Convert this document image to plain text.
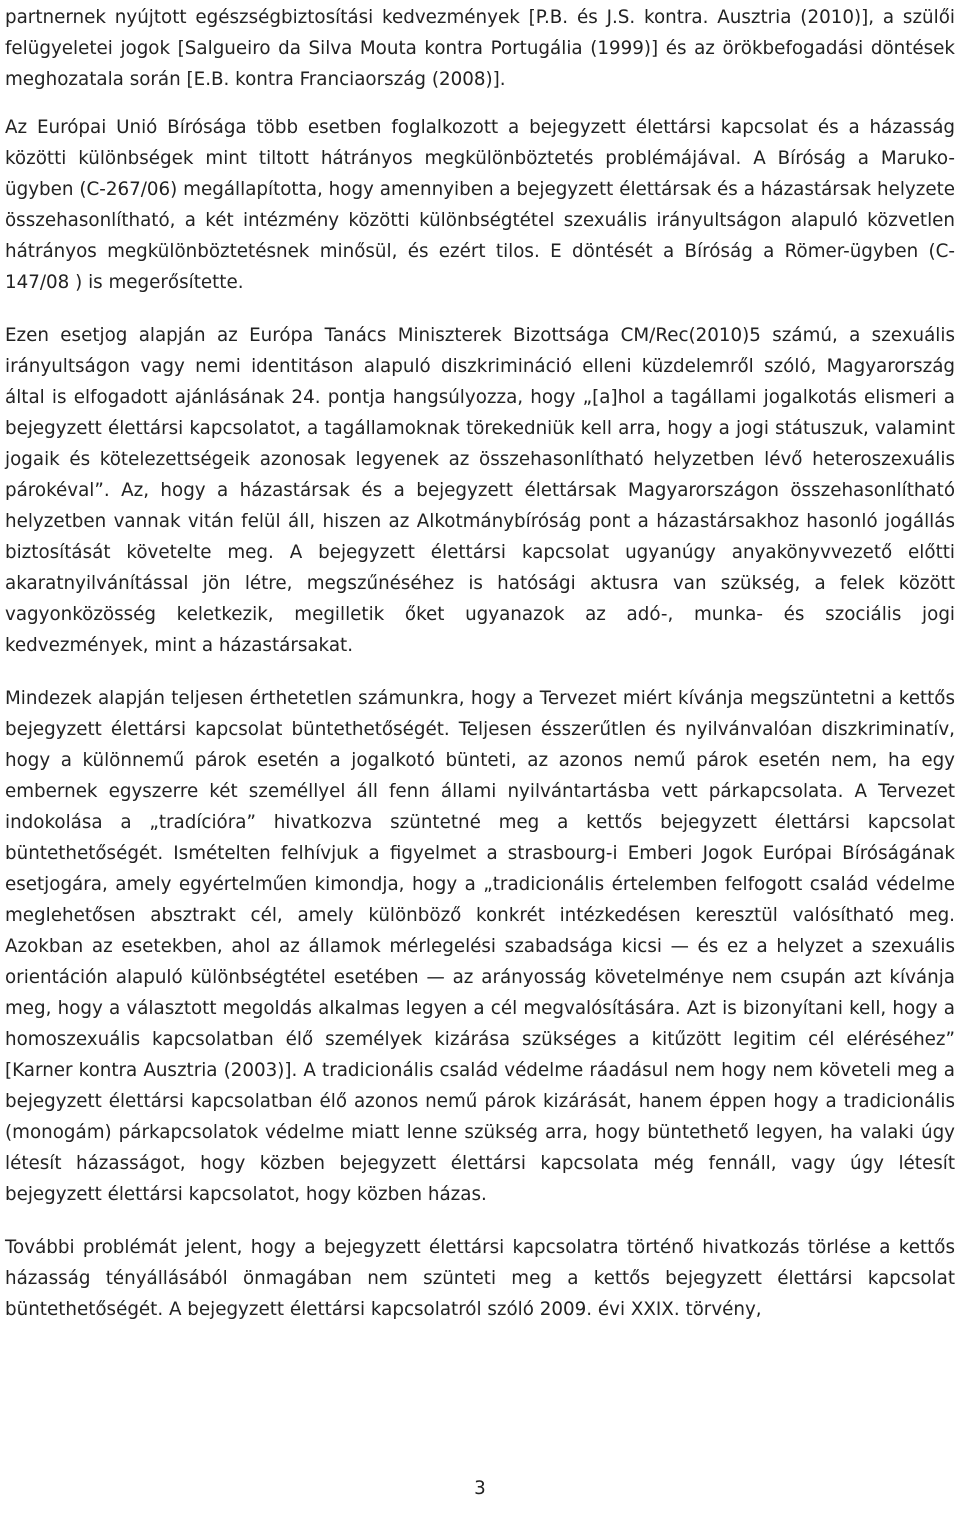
partnernek nyújtott egészségbiztosítási kedvezmények [P.B. és J.S. kontra. Ausztria (2010)], a szülői felügyeletei jogok [Salgueiro da Silva Mouta kontra Portugália (1999)] és az örökbefogadási döntések meghozatala során [E.B. kontra Franciaország (2008)].

Az Európai Unió Bírósága több esetben foglalkozott a bejegyzett élettársi kapcsolat és a házasság közötti különbségek mint tiltott hátrányos megkülönböztetés problémájával. A Bíróság a Maruko-ügyben (C-267/06) megállapította, hogy amennyiben a bejegyzett élettársak és a házastársak helyzete összehasonlítható, a két intézmény közötti különbségtétel szexuális irányultságon alapuló közvetlen hátrányos megkülönböztetésnek minősül, és ezért tilos. E döntését a Bíróság a Römer-ügyben (C-147/08 ) is megerősítette.

Ezen esetjog alapján az Európa Tanács Miniszterek Bizottsága CM/Rec(2010)5 számú, a szexuális irányultságon vagy nemi identitáson alapuló diszkrimináció elleni küzdelemről szóló, Magyarország által is elfogadott ajánlásának 24. pontja hangsúlyozza, hogy „[a]hol a tagállami jogalkotás elismeri a bejegyzett élettársi kapcsolatot, a tagállamoknak törekedniük kell arra, hogy a jogi státuszuk, valamint jogaik és kötelezettségeik azonosak legyenek az összehasonlítható helyzetben lévő heteroszexuális párokéval”. Az, hogy a házastársak és a bejegyzett élettársak Magyarországon összehasonlítható helyzetben vannak vitán felül áll, hiszen az Alkotmánybíróság pont a házastársakhoz hasonló jogállás biztosítását követelte meg. A bejegyzett élettársi kapcsolat ugyanúgy anyakönyvvezető előtti akaratnyilvánítással jön létre, megszűnéséhez is hatósági aktusra van szükség, a felek között vagyonközösség keletkezik, megilletik őket ugyanazok az adó-, munka- és szociális jogi kedvezmények, mint a házastársakat.

Mindezek alapján teljesen érthetetlen számunkra, hogy a Tervezet miért kívánja megszüntetni a kettős bejegyzett élettársi kapcsolat büntethetőségét. Teljesen ésszerűtlen és nyilvánvalóan diszkriminatív, hogy a különnemű párok esetén a jogalkotó bünteti, az azonos nemű párok esetén nem, ha egy embernek egyszerre két személlyel áll fenn állami nyilvántartásba vett párkapcsolata. A Tervezet indokolása a „tradícióra” hivatkozva szüntetné meg a kettős bejegyzett élettársi kapcsolat büntethetőségét. Ismételten felhívjuk a figyelmet a strasbourg-i Emberi Jogok Európai Bíróságának esetjogára, amely egyértelműen kimondja, hogy a „tradicionális értelemben felfogott család védelme meglehetősen absztrakt cél, amely különböző konkrét intézkedésen keresztül valósítható meg. Azokban az esetekben, ahol az államok mérlegelési szabadsága kicsi — és ez a helyzet a szexuális orientáción alapuló különbségtétel esetében — az arányosság követelménye nem csupán azt kívánja meg, hogy a választott megoldás alkalmas legyen a cél megvalósítására. Azt is bizonyítani kell, hogy a homoszexuális kapcsolatban élő személyek kizárása szükséges a kitűzött legitim cél eléréséhez” [Karner kontra Ausztria (2003)]. A tradicionális család védelme ráadásul nem hogy nem követeli meg a bejegyzett élettársi kapcsolatban élő azonos nemű párok kizárását, hanem éppen hogy a tradicionális (monogám) párkapcsolatok védelme miatt lenne szükség arra, hogy büntethető legyen, ha valaki úgy létesít házasságot, hogy közben bejegyzett élettársi kapcsolata még fennáll, vagy úgy létesít bejegyzett élettársi kapcsolatot, hogy közben házas.

További problémát jelent, hogy a bejegyzett élettársi kapcsolatra történő hivatkozás törlése a kettős házasság tényállásából önmagában nem szünteti meg a kettős bejegyzett élettársi kapcsolat büntethetőségét. A bejegyzett élettársi kapcsolatról szóló 2009. évi XXIX. törvény,

3
